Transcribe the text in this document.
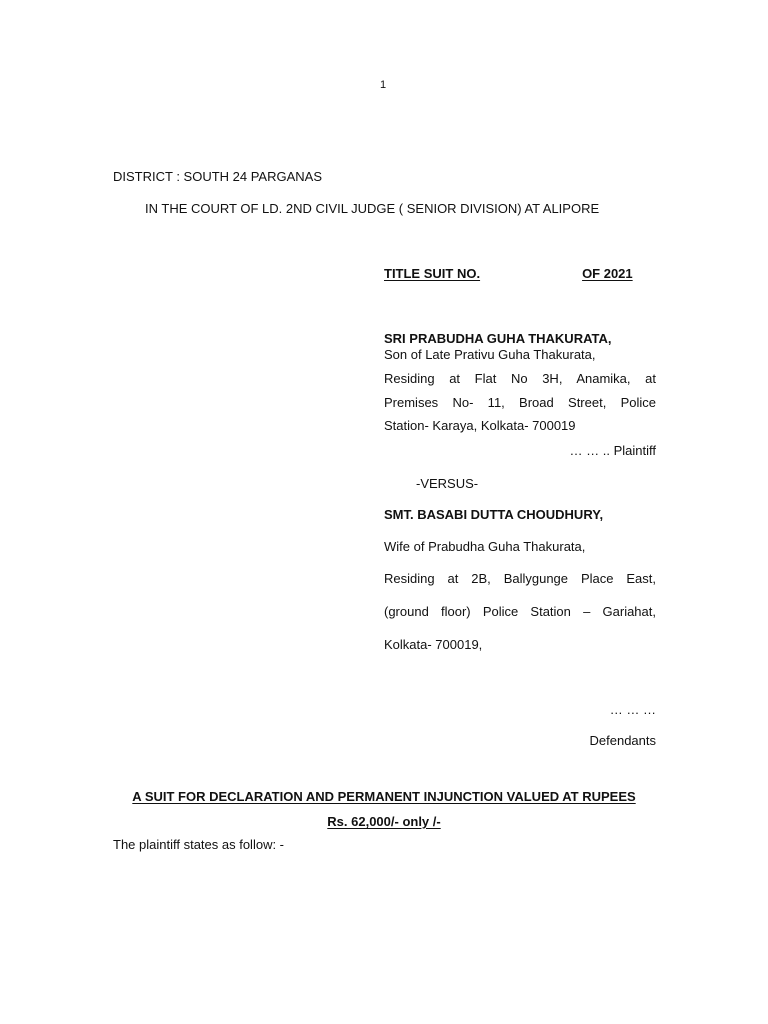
1
DISTRICT : SOUTH 24 PARGANAS
IN THE COURT OF LD. 2ND CIVIL JUDGE ( SENIOR DIVISION) AT ALIPORE
TITLE SUIT NO.	OF 2021
SRI PRABUDHA GUHA THAKURATA,
Son of Late Prativu Guha Thakurata,
Residing at Flat No 3H, Anamika, at
Premises No- 11, Broad Street, Police
Station- Karaya, Kolkata- 700019
… … .. Plaintiff
-VERSUS-
SMT. BASABI DUTTA CHOUDHURY,
Wife of Prabudha Guha Thakurata,
Residing at 2B, Ballygunge Place East,
(ground floor) Police Station – Gariahat,
Kolkata- 700019,
… … …
Defendants
A SUIT FOR DECLARATION AND PERMANENT INJUNCTION VALUED AT RUPEES
Rs. 62,000/- only /-
The plaintiff states as follow: -
